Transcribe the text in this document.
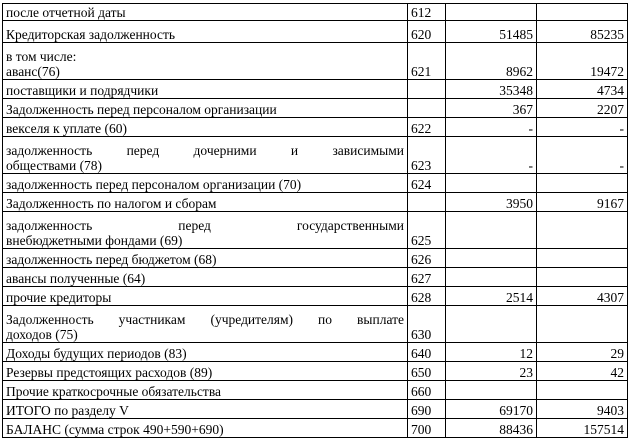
после отчетной даты	612		
Кредиторская задолженность	620	51485	85235

в том числе:
аванс(76)	621	8962	19472
поставщики и подрядчики		35348	4734
Задолженность перед персоналом организации		367	2207
векселя к уплате (60)	622	-	-

задолженность перед дочерними и зависимыми
обществами (78)	623	-	-
задолженность перед персоналом организации (70)	624		
Задолженность по налогом и сборам		3950	9167

задолженность перед государственными
внебюджетными фондами (69)	625		
задолженность перед бюджетом (68)	626		
авансы полученные (64)	627		
прочие кредиторы	628	2514	4307

Задолженность участникам (учредителям) по выплате
доходов (75)	630		
Доходы будущих периодов (83)	640	12	29
Резервы предстоящих расходов (89)	650	23	42
Прочие краткосрочные обязательства	660		
ИТОГО по разделу V	690	69170	9403
БАЛАНС (сумма строк 490+590+690)	700	88436	157514
